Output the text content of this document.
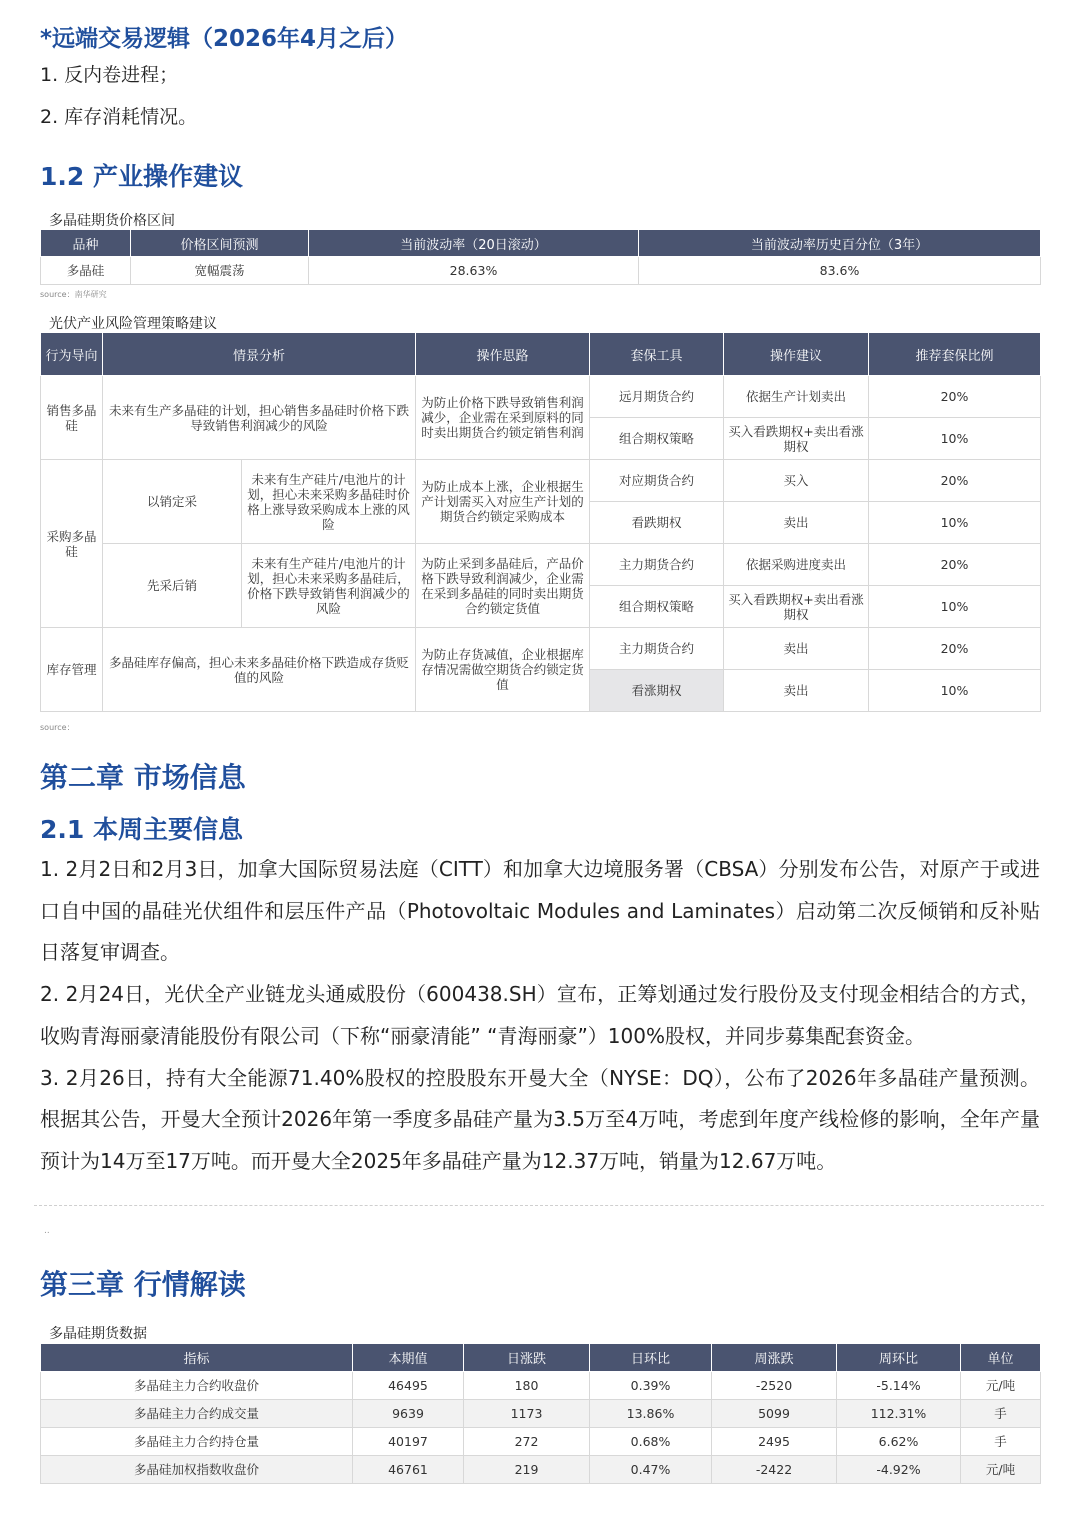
*远端交易逻辑（2026年4月之后）
1. 反内卷进程；
2. 库存消耗情况。
1.2 产业操作建议
多晶硅期货价格区间
品种	价格区间预测	当前波动率（20日滚动）	当前波动率历史百分位（3年）
多晶硅	宽幅震荡	28.63%	83.6%
source：南华研究
光伏产业风险管理策略建议
行为导向	情景分析		操作思路	套保工具	操作建议	推荐套保比例
销售多晶硅	未来有生产多晶硅的计划，担心销售多晶硅时价格下跌导致销售利润减少的风险		为防止价格下跌导致销售利润减少，企业需在采到原料的同时卖出期货合约锁定销售利润	远月期货合约	依据生产计划卖出	20%
				组合期权策略	买入看跌期权+卖出看涨期权	10%
采购多晶硅	以销定采	未来有生产硅片/电池片的计划，担心未来采购多晶硅时价格上涨导致采购成本上涨的风险	为防止成本上涨，企业根据生产计划需买入对应生产计划的期货合约锁定采购成本	对应期货合约	买入	20%
				看跌期权	卖出	10%
	先采后销	未来有生产硅片/电池片的计划，担心未来采购多晶硅后，价格下跌导致销售利润减少的风险	为防止采到多晶硅后，产品价格下跌导致利润减少，企业需在采到多晶硅的同时卖出期货合约锁定货值	主力期货合约	依据采购进度卖出	20%
				组合期权策略	买入看跌期权+卖出看涨期权	10%
库存管理	多晶硅库存偏高，担心未来多晶硅价格下跌造成存货贬值的风险		为防止存货减值，企业根据库存情况需做空期货合约锁定货值	主力期货合约	卖出	20%
				看涨期权	卖出	10%
source：
第二章 市场信息
2.1 本周主要信息

1. 2月2日和2月3日，加拿大国际贸易法庭（CITT）和加拿大边境服务署（CBSA）分别发布公告，对原产于或进口自中国的晶硅光伏组件和层压件产品（Photovoltaic Modules and Laminates）启动第二次反倾销和反补贴日落复审调查。

2. 2月24日，光伏全产业链龙头通威股份（600438.SH）宣布，正筹划通过发行股份及支付现金相结合的方式，收购青海丽豪清能股份有限公司（下称“丽豪清能” “青海丽豪”）100%股权，并同步募集配套资金。

3. 2月26日，持有大全能源71.40%股权的控股股东开曼大全（NYSE：DQ），公布了2026年多晶硅产量预测。根据其公告，开曼大全预计2026年第一季度多晶硅产量为3.5万至4万吨，考虑到年度产线检修的影响，全年产量预计为14万至17万吨。而开曼大全2025年多晶硅产量为12.37万吨，销量为12.67万吨。

..
第三章 行情解读
多晶硅期货数据
指标	本期值	日涨跌	日环比	周涨跌	周环比	单位
多晶硅主力合约收盘价	46495	180	0.39%	-2520	-5.14%	元/吨
多晶硅主力合约成交量	9639	1173	13.86%	5099	112.31%	手
多晶硅主力合约持仓量	40197	272	0.68%	2495	6.62%	手
多晶硅加权指数收盘价	46761	219	0.47%	-2422	-4.92%	元/吨
